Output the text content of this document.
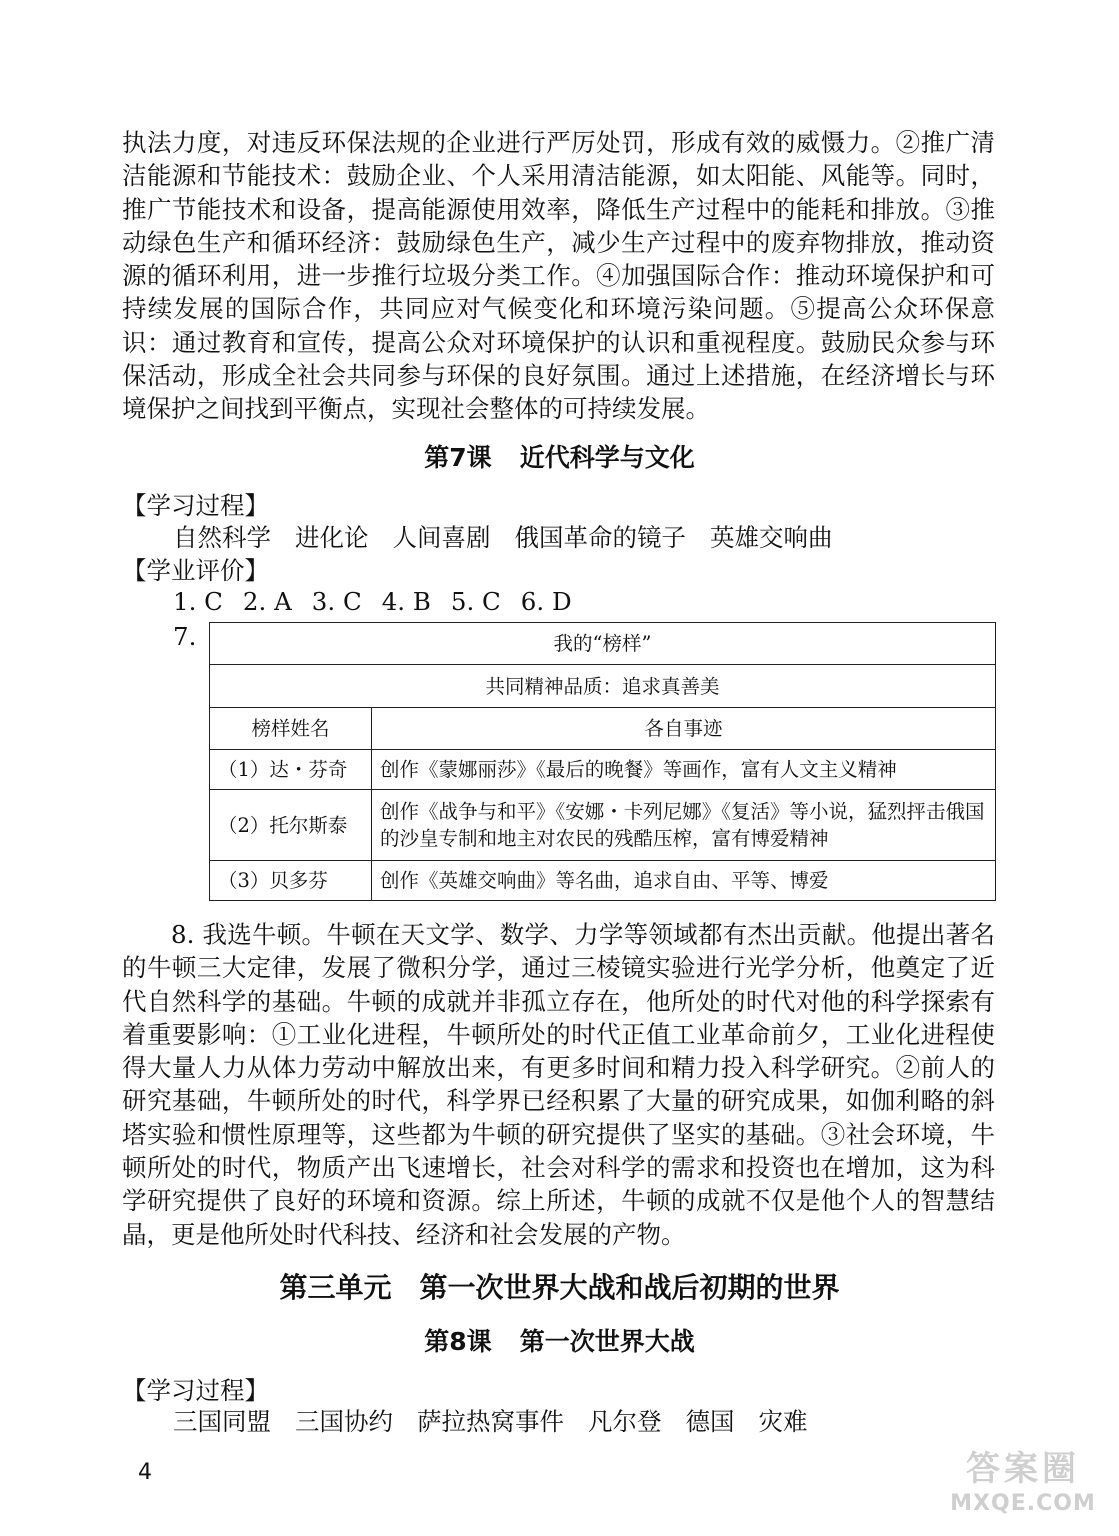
执法力度，对违反环保法规的企业进行严厉处罚，形成有效的威慑力。②推广清洁能源和节能技术：鼓励企业、个人采用清洁能源，如太阳能、风能等。同时，推广节能技术和设备，提高能源使用效率，降低生产过程中的能耗和排放。③推动绿色生产和循环经济：鼓励绿色生产，减少生产过程中的废弃物排放，推动资源的循环利用，进一步推行垃圾分类工作。④加强国际合作：推动环境保护和可持续发展的国际合作，共同应对气候变化和环境污染问题。⑤提高公众环保意识：通过教育和宣传，提高公众对环境保护的认识和重视程度。鼓励民众参与环保活动，形成全社会共同参与环保的良好氛围。通过上述措施，在经济增长与环境保护之间找到平衡点，实现社会整体的可持续发展。

第7课 近代科学与文化
【学习过程】
自然科学 进化论 人间喜剧 俄国革命的镜子 英雄交响曲
【学业评价】
1. C 2. A 3. C 4. B 5. C 6. D
7.	我的“榜样”	
共同精神品质：追求真善美	
榜样姓名	各自事迹
（1）达・芬奇	创作《蒙娜丽莎》《最后的晚餐》等画作，富有人文主义精神
（2）托尔斯泰	创作《战争与和平》《安娜・卡列尼娜》《复活》等小说，猛烈抨击俄国的沙皇专制和地主对农民的残酷压榨，富有博爱精神
（3）贝多芬	创作《英雄交响曲》等名曲，追求自由、平等、博爱

8. 我选牛顿。牛顿在天文学、数学、力学等领域都有杰出贡献。他提出著名的牛顿三大定律，发展了微积分学，通过三棱镜实验进行光学分析，他奠定了近代自然科学的基础。牛顿的成就并非孤立存在，他所处的时代对他的科学探索有着重要影响：①工业化进程，牛顿所处的时代正值工业革命前夕，工业化进程使得大量人力从体力劳动中解放出来，有更多时间和精力投入科学研究。②前人的研究基础，牛顿所处的时代，科学界已经积累了大量的研究成果，如伽利略的斜塔实验和惯性原理等，这些都为牛顿的研究提供了坚实的基础。③社会环境，牛顿所处的时代，物质产出飞速增长，社会对科学的需求和投资也在增加，这为科学研究提供了良好的环境和资源。综上所述，牛顿的成就不仅是他个人的智慧结晶，更是他所处时代科技、经济和社会发展的产物。

第三单元 第一次世界大战和战后初期的世界
第8课 第一次世界大战
【学习过程】
三国同盟 三国协约 萨拉热窝事件 凡尔登 德国 灾难
4	答案圈
MXQE.COM
